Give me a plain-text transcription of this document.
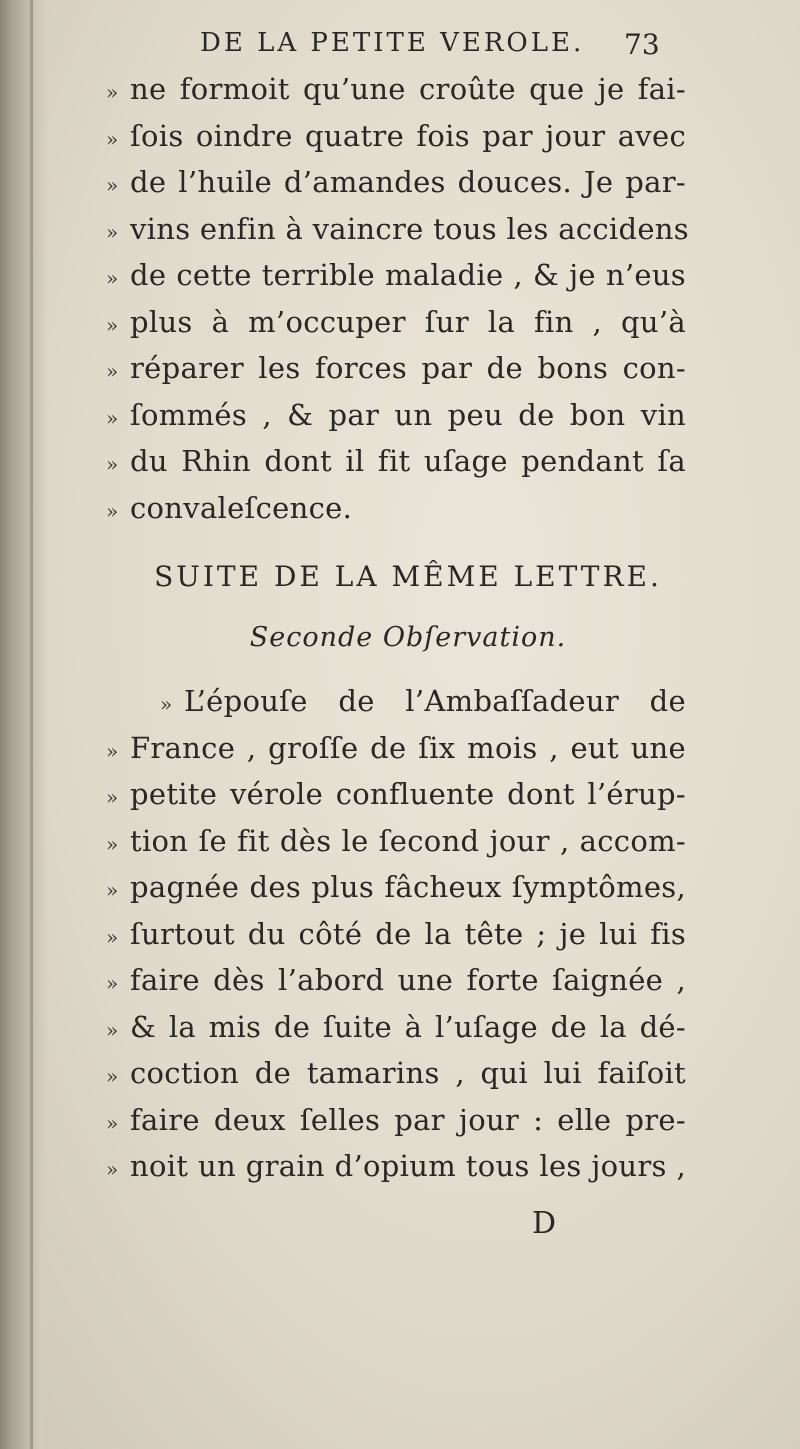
DE LA PETITE VEROLE. 73
» ne formoit qu’une croûte que je fai-
» ſois oindre quatre fois par jour avec
» de l’huile d’amandes douces. Je par-
» vins enfin à vaincre tous les accidens
» de cette terrible maladie , & je n’eus
» plus à m’occuper ſur la fin , qu’à
» réparer les forces par de bons con-
» ſommés , & par un peu de bon vin
» du Rhin dont il fit uſage pendant ſa
» convaleſcence.
SUITE DE LA MÊME LETTRE.
Seconde Obſervation.
» L’épouſe de l’Ambaſſadeur de
» France , groſſe de ſix mois , eut une
» petite vérole confluente dont l’érup-
» tion ſe fit dès le ſecond jour , accom-
» pagnée des plus fâcheux ſymptômes,
» ſurtout du côté de la tête ; je lui fis
» faire dès l’abord une forte ſaignée ,
» & la mis de ſuite à l’uſage de la dé-
» coction de tamarins , qui lui faiſoit
» faire deux ſelles par jour : elle pre-
» noit un grain d’opium tous les jours ,
D
